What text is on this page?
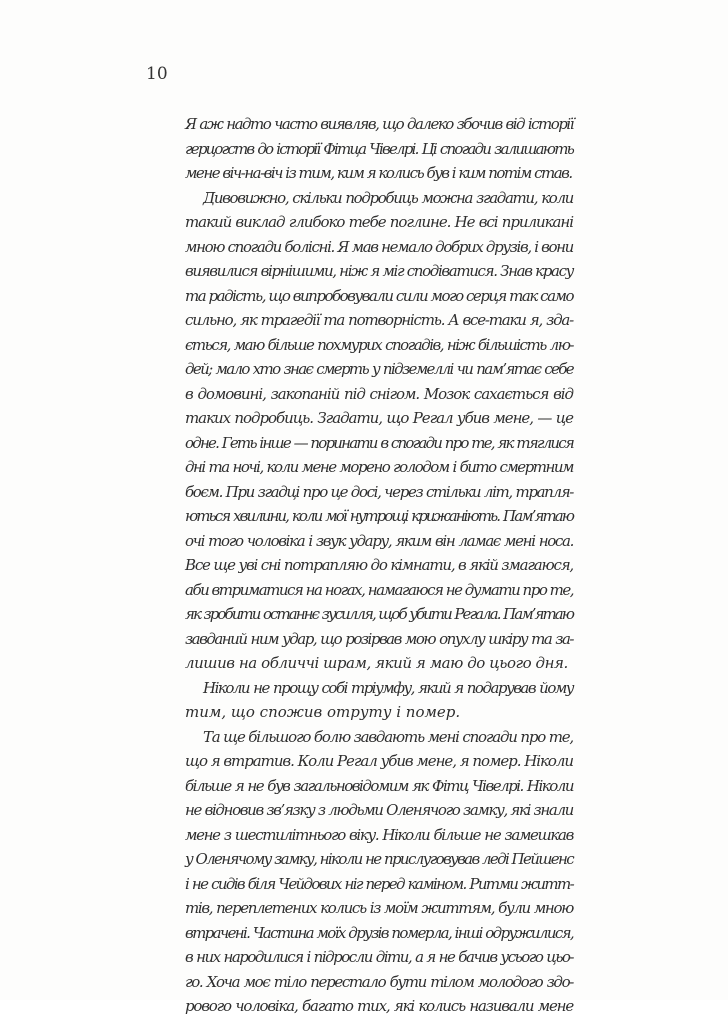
10
Я аж надто часто виявляв, що далеко збочив від історії
герцогств до історії Фітца Чівелрі. Ці спогади залишають
мене віч-на-віч із тим, ким я колись був і ким потім став.
Дивовижно, скільки подробиць можна згадати, коли
такий виклад глибоко тебе поглине. Не всі приликані
мною спогади болісні. Я мав немало добрих друзів, і вони
виявилися вірнішими, ніж я міг сподіватися. Знав красу
та радість, що випробовували сили мого серця так само
сильно, як трагедії та потворність. А все-таки я, зда-
ється, маю більше похмурих спогадів, ніж більшість лю-
дей; мало хто знає смерть у підземеллі чи пам’ятає себе
в домовині, закопаній під снігом. Мозок сахається від
таких подробиць. Згадати, що Регал убив мене, — це
одне. Геть інше — поринати в спогади про те, як тяглися
дні та ночі, коли мене морено голодом і бито смертним
боєм. При згадці про це досі, через стільки літ, трапля-
ються хвилини, коли мої нутрощі крижаніють. Пам’ятаю
очі того чоловіка і звук удару, яким він ламає мені носа.
Все ще уві сні потрапляю до кімнати, в якій змагаюся,
аби втриматися на ногах, намагаюся не думати про те,
як зробити останнє зусилля, щоб убити Регала. Пам’ятаю
завданий ним удар, що розірвав мою опухлу шкіру та за-
лишив на обличчі шрам, який я маю до цього дня.
Ніколи не прощу собі тріумфу, який я подарував йому
тим, що спожив отруту і помер.
Та ще більшого болю завдають мені спогади про те,
що я втратив. Коли Регал убив мене, я помер. Ніколи
більше я не був загальновідомим як Фітц Чівелрі. Ніколи
не відновив зв’язку з людьми Оленячого замку, які знали
мене з шестилітнього віку. Ніколи більше не замешкав
у Оленячому замку, ніколи не прислуговував леді Пейшенс
і не сидів біля Чейдових ніг перед каміном. Ритми житт-
тів, переплетених колись із моїм життям, були мною
втрачені. Частина моїх друзів померла, інші одружилися,
в них народилися і підросли діти, а я не бачив усього цьо-
го. Хоча моє тіло перестало бути тілом молодого здо-
рового чоловіка, багато тих, які колись називали мене
